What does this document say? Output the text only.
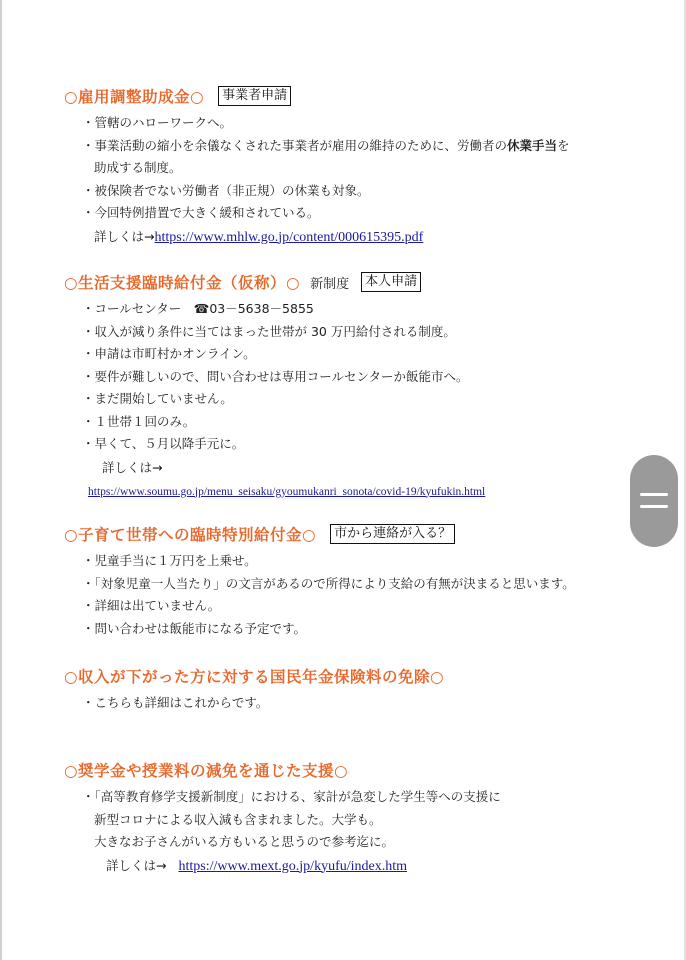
○雇用調整助成金○	事業者申請
・管轄のハローワークへ。
・事業活動の縮小を余儀なくされた事業者が雇用の維持のために、労働者の休業手当を
助成する制度。
・被保険者でない労働者（非正規）の休業も対象。
・今回特例措置で大きく緩和されている。
詳しくは→https://www.mhlw.go.jp/content/000615395.pdf
○生活支援臨時給付金（仮称）○ 新制度	本人申請
・コールセンター　☎03－5638－5855
・収入が減り条件に当てはまった世帯が 30 万円給付される制度。
・申請は市町村かオンライン。
・要件が難しいので、問い合わせは専用コールセンターか飯能市へ。
・まだ開始していません。
・１世帯１回のみ。
・早くて、５月以降手元に。
詳しくは→
https://www.soumu.go.jp/menu_seisaku/gyoumukanri_sonota/covid-19/kyufukin.html
○子育て世帯への臨時特別給付金○	市から連絡が入る？
・児童手当に１万円を上乗せ。
・「対象児童一人当たり」の文言があるので所得により支給の有無が決まると思います。
・詳細は出ていません。
・問い合わせは飯能市になる予定です。
○収入が下がった方に対する国民年金保険料の免除○
・こちらも詳細はこれからです。
○奨学金や授業料の減免を通じた支援○
・「高等教育修学支援新制度」における、家計が急変した学生等への支援に
新型コロナによる収入減も含まれました。大学も。
大きなお子さんがいる方もいると思うので参考迄に。
詳しくは→ https://www.mext.go.jp/kyufu/index.htm
